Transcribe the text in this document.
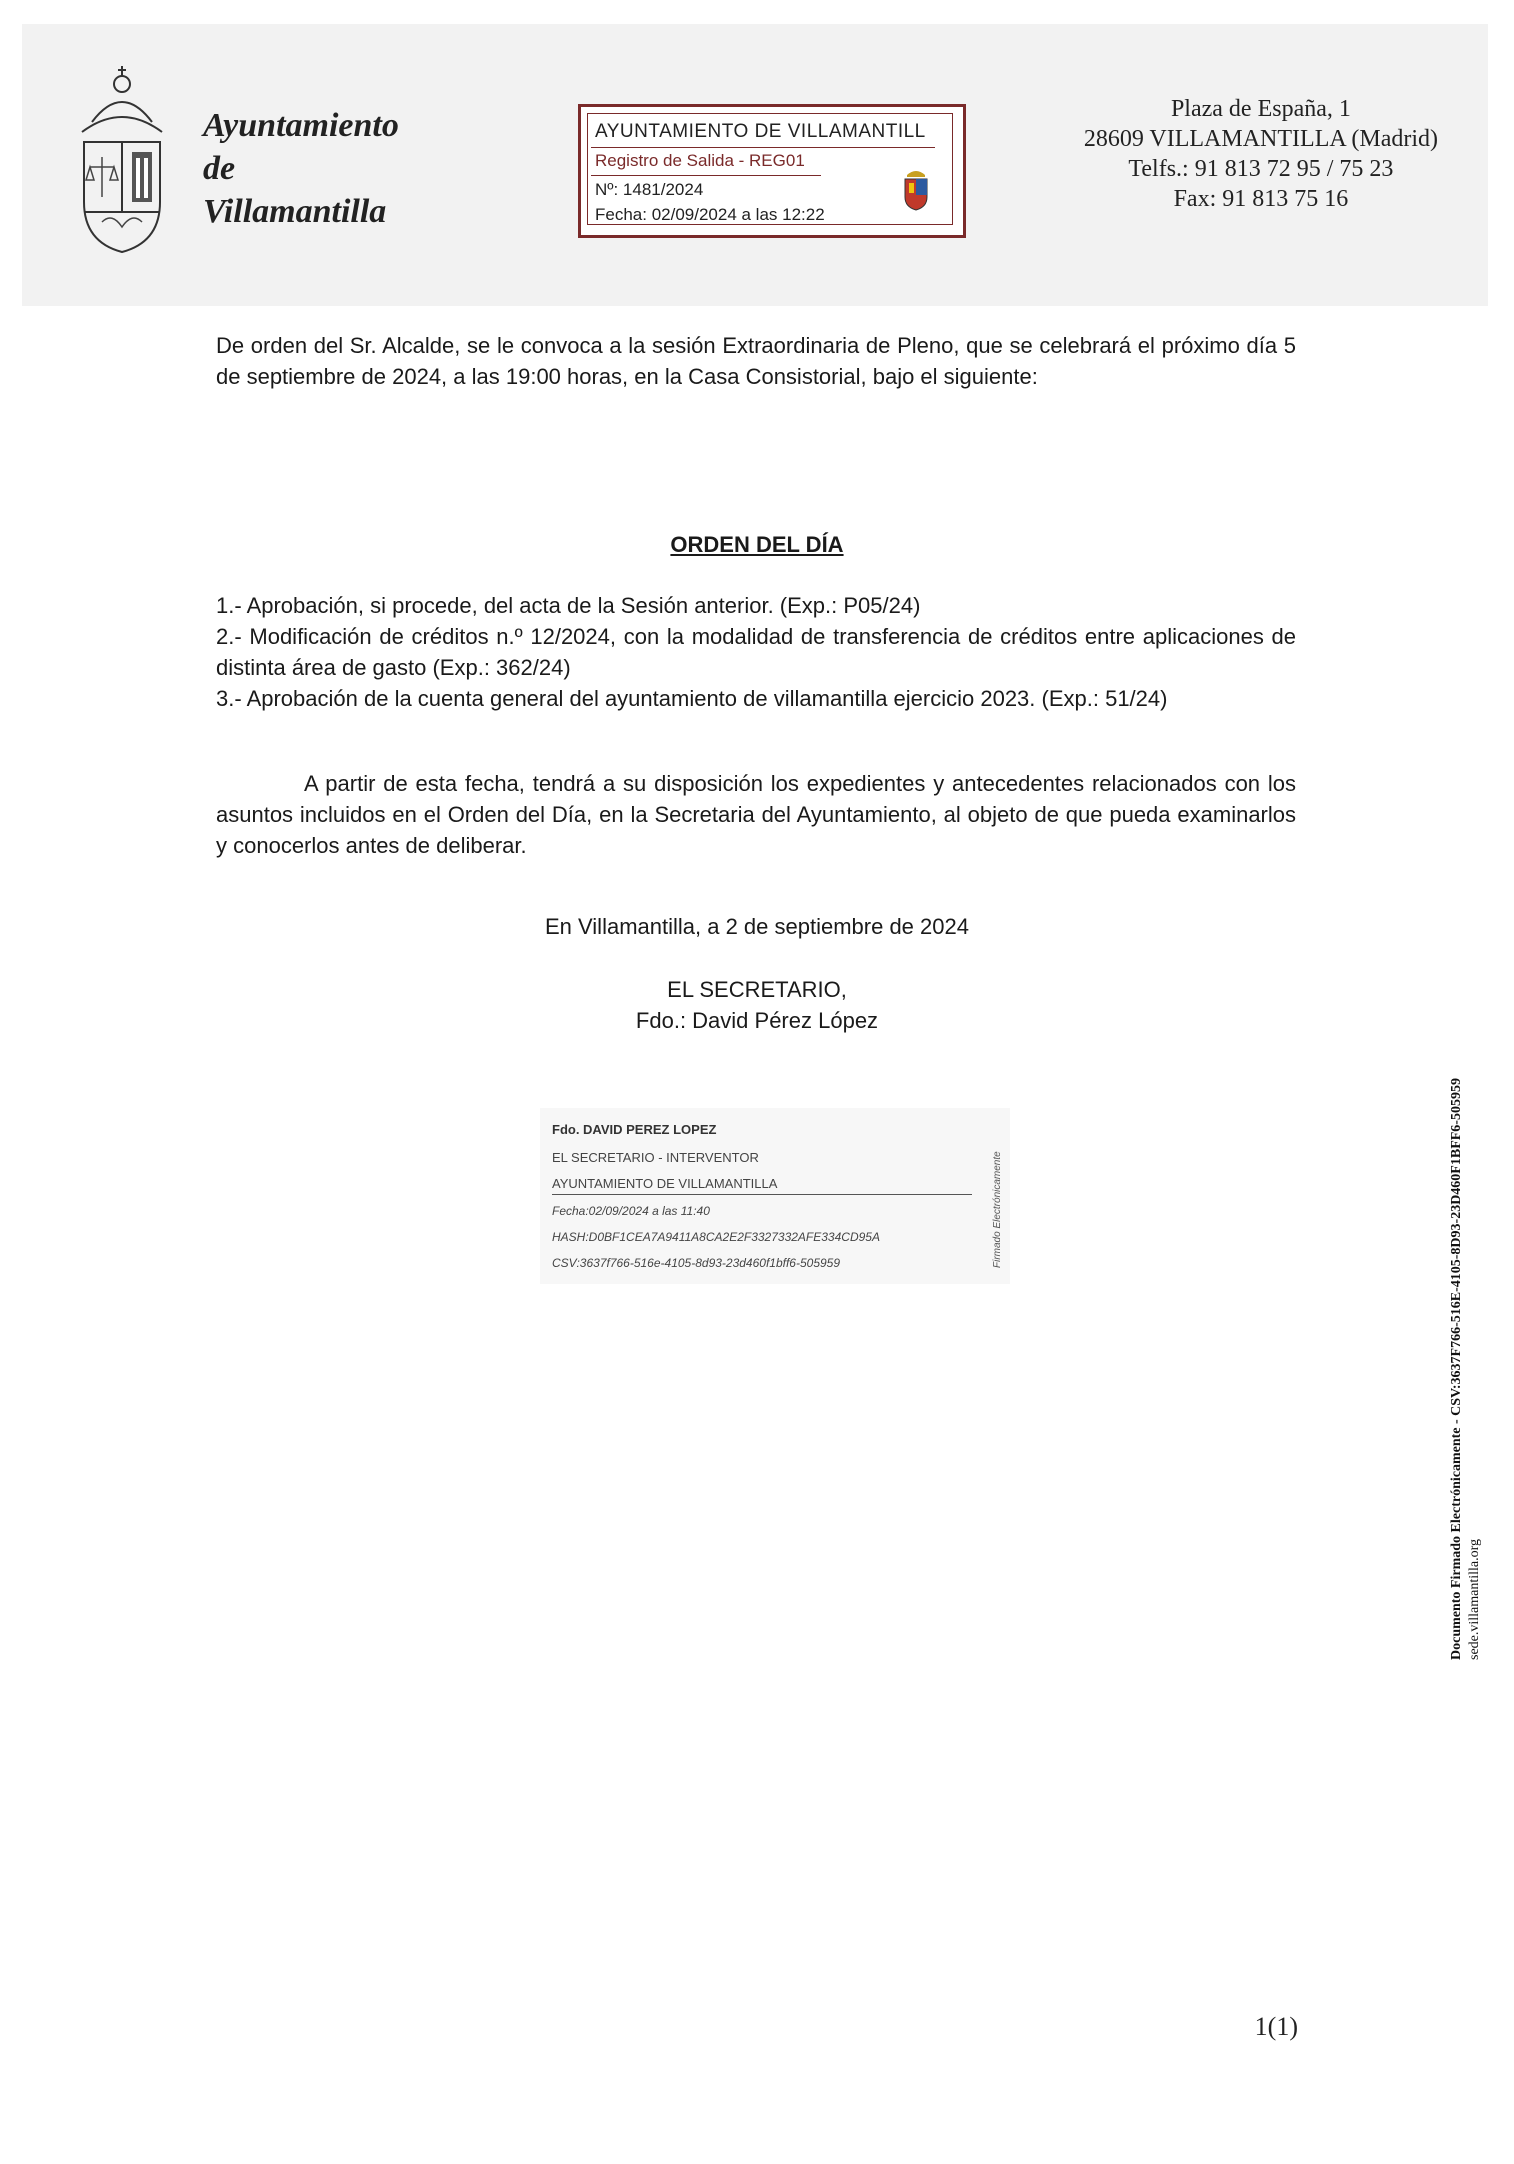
Ayuntamiento
de
Villamantilla
AYUNTAMIENTO DE VILLAMANTILL
Registro de Salida - REG01
Nº: 1481/2024
Fecha: 02/09/2024 a las 12:22
Plaza de España, 1
28609 VILLAMANTILLA (Madrid)
Telfs.: 91 813 72 95 / 75 23
Fax: 91 813 75 16
De orden del Sr. Alcalde, se le convoca a la sesión Extraordinaria de Pleno, que se celebrará el próximo día 5 de septiembre de 2024, a las 19:00 horas, en la Casa Consistorial, bajo el siguiente:
ORDEN DEL DÍA

1.- Aprobación, si procede, del acta de la Sesión anterior. (Exp.: P05/24)

2.- Modificación de créditos n.º 12/2024, con la modalidad de transferencia de créditos entre aplicaciones de distinta área de gasto (Exp.: 362/24)

3.- Aprobación de la cuenta general del ayuntamiento de villamantilla ejercicio 2023. (Exp.: 51/24)

A partir de esta fecha, tendrá a su disposición los expedientes y antecedentes relacionados con los asuntos incluidos en el Orden del Día, en la Secretaria del Ayuntamiento, al objeto de que pueda examinarlos y conocerlos antes de deliberar.

En Villamantilla, a 2 de septiembre de 2024
EL SECRETARIO,
Fdo.: David Pérez López
Fdo. DAVID PEREZ LOPEZ
EL SECRETARIO - INTERVENTOR
AYUNTAMIENTO DE VILLAMANTILLA
Fecha:02/09/2024 a las 11:40
HASH:D0BF1CEA7A9411A8CA2E2F3327332AFE334CD95A
CSV:3637f766-516e-4105-8d93-23d460f1bff6-505959	Firmado Electrónicamente	Documento Firmado Electrónicamente - CSV:3637F766-516E-4105-8D93-23D460F1BFF6-505959 sede.villamantilla.org
1(1)
